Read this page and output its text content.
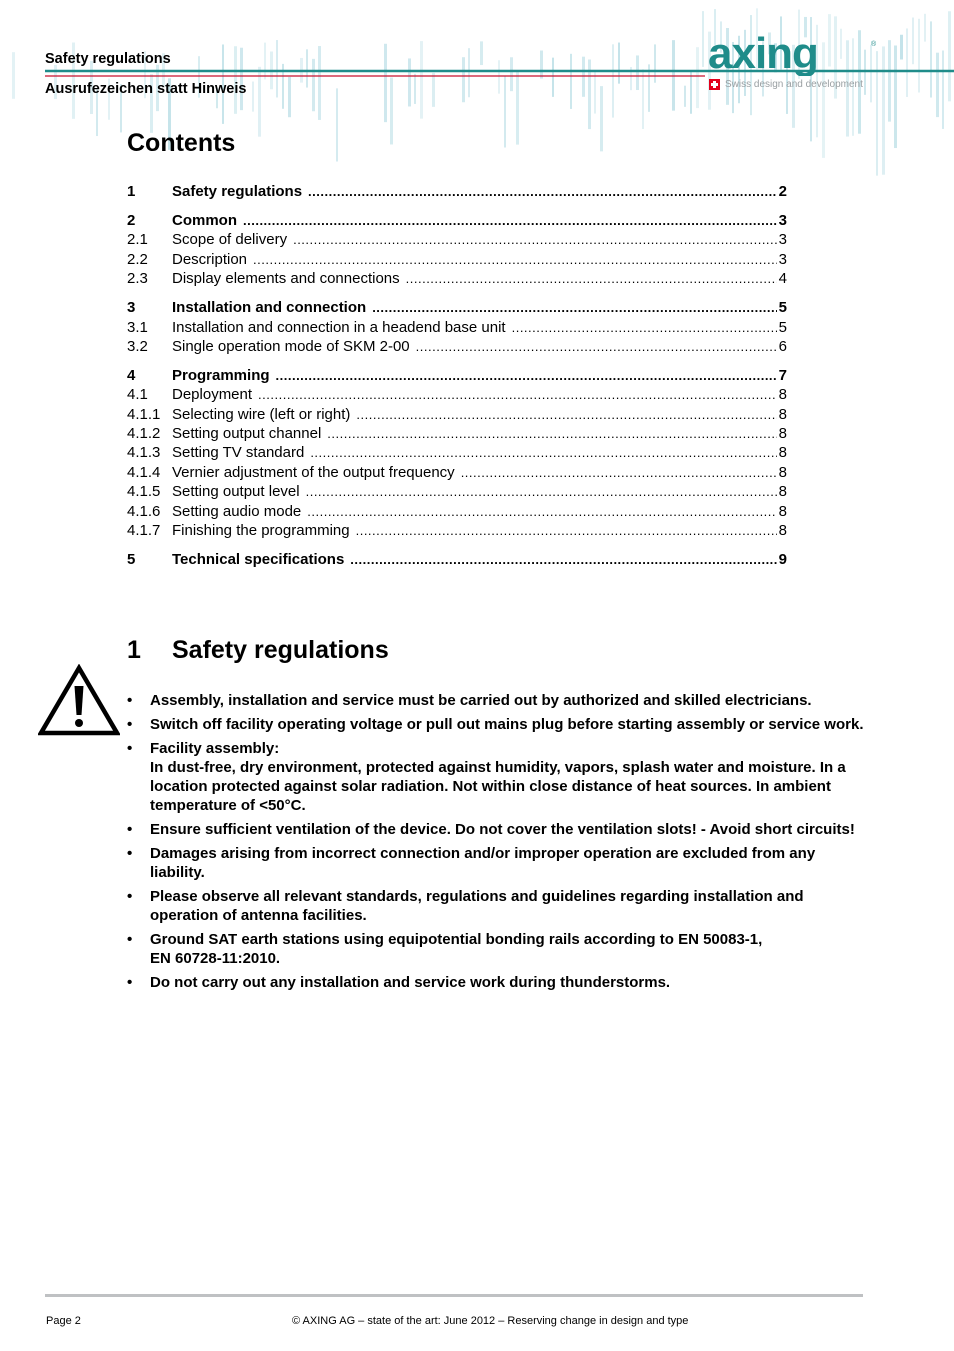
Safety regulations
Ausrufezeichen statt Hinweis
axing	®
Swiss design and development
Contents
1	Safety regulations .....	2
2	Common .....	3
2.1	Scope of delivery .....	3
2.2	Description .....	3
2.3	Display elements and connections .....	4
3	Installation and connection .....	5
3.1	Installation and connection in a headend base unit .....	5
3.2	Single operation mode of SKM 2-00 .....	6
4	Programming .....	7
4.1	Deployment .....	8
4.1.1 Selecting wire (left or right) .....	8
4.1.2 Setting output channel .....	8
4.1.3 Setting TV standard .....	8
4.1.4 Vernier adjustment of the output frequency .....	8
4.1.5 Setting output level .....	8
4.1.6 Setting audio mode .....	8
4.1.7 Finishing the programming .....	8
5	Technical specifications .....	9
1	Safety regulations
• Assembly, installation and service must be carried out by authorized and skilled electricians.
• Switch off facility operating voltage or pull out mains plug before starting assembly or service work.
• Facility assembly:
In dust-free, dry environment, protected against humidity, vapors, splash water and moisture. In a location protected against solar radiation. Not within close distance of heat sources. In ambient temperature of <50°C.
• Ensure sufficient ventilation of the device. Do not cover the ventilation slots! - Avoid short circuits!
• Damages arising from incorrect connection and/or improper operation are excluded from any liability.
• Please observe all relevant standards, regulations and guidelines regarding installation and operation of antenna facilities.
• Ground SAT earth stations using equipotential bonding rails according to EN 50083-1,
EN 60728-11:2010.
• Do not carry out any installation and service work during thunderstorms.
Page 2	© AXING AG – state of the art: June 2012 – Reserving change in design and type
